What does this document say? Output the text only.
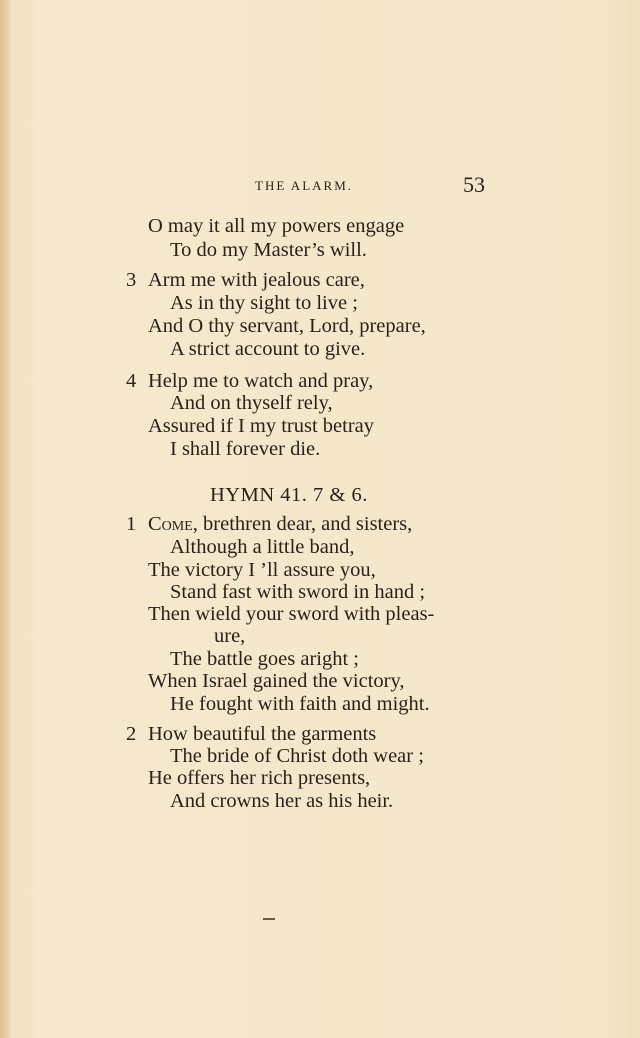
THE ALARM.	53
O may it all my powers engage
To do my Master’s will.
3 Arm me with jealous care,
As in thy sight to live ;
And O thy servant, Lord, prepare,
A strict account to give.
4 Help me to watch and pray,
And on thyself rely,
Assured if I my trust betray
I shall forever die.
HYMN 41. 7 & 6.
1 Come, brethren dear, and sisters,
Although a little band,
The victory I ’ll assure you,
Stand fast with sword in hand ;
Then wield your sword with pleas-
ure,
The battle goes aright ;
When Israel gained the victory,
He fought with faith and might.
2 How beautiful the garments
The bride of Christ doth wear ;
He offers her rich presents,
And crowns her as his heir.
